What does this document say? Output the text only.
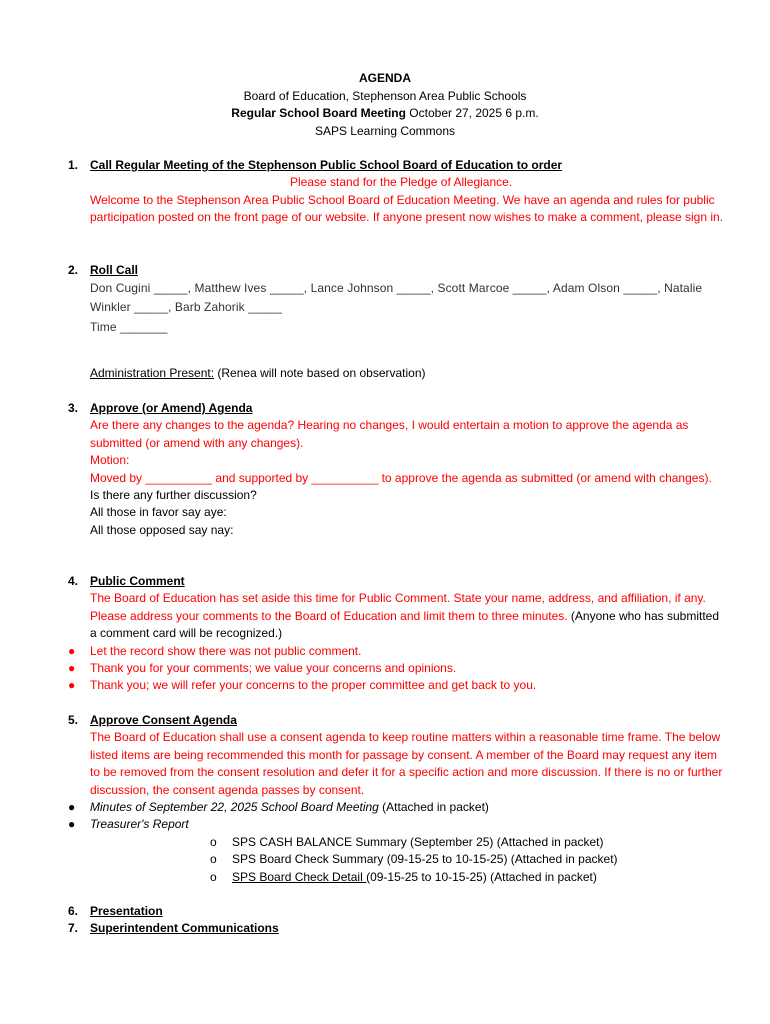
AGENDA
Board of Education, Stephenson Area Public Schools
Regular School Board Meeting October 27, 2025 6 p.m.
SAPS Learning Commons
1. Call Regular Meeting of the Stephenson Public School Board of Education to order
Please stand for the Pledge of Allegiance.
Welcome to the Stephenson Area Public School Board of Education Meeting. We have an agenda and rules for public participation posted on the front page of our website. If anyone present now wishes to make a comment, please sign in.
2. Roll Call
Don Cugini _____, Matthew Ives _____, Lance Johnson _____, Scott Marcoe _____, Adam Olson _____, Natalie Winkler _____, Barb Zahorik _____
Time _______
Administration Present: (Renea will note based on observation)
3. Approve (or Amend) Agenda
Are there any changes to the agenda? Hearing no changes, I would entertain a motion to approve the agenda as submitted (or amend with any changes).
Motion:
Moved by __________ and supported by __________ to approve the agenda as submitted (or amend with changes).
Is there any further discussion?
All those in favor say aye:
All those opposed say nay:
4. Public Comment
The Board of Education has set aside this time for Public Comment. State your name, address, and affiliation, if any. Please address your comments to the Board of Education and limit them to three minutes. (Anyone who has submitted a comment card will be recognized.)
● Let the record show there was not public comment.
● Thank you for your comments; we value your concerns and opinions.
● Thank you; we will refer your concerns to the proper committee and get back to you.
5. Approve Consent Agenda
The Board of Education shall use a consent agenda to keep routine matters within a reasonable time frame. The below listed items are being recommended this month for passage by consent. A member of the Board may request any item to be removed from the consent resolution and defer it for a specific action and more discussion. If there is no or further discussion, the consent agenda passes by consent.
● Minutes of September 22, 2025 School Board Meeting (Attached in packet)
● Treasurer's Report
o SPS CASH BALANCE Summary (September 25) (Attached in packet)
o SPS Board Check Summary (09-15-25 to 10-15-25) (Attached in packet)
o SPS Board Check Detail (09-15-25 to 10-15-25) (Attached in packet)
6. Presentation
7. Superintendent Communications
